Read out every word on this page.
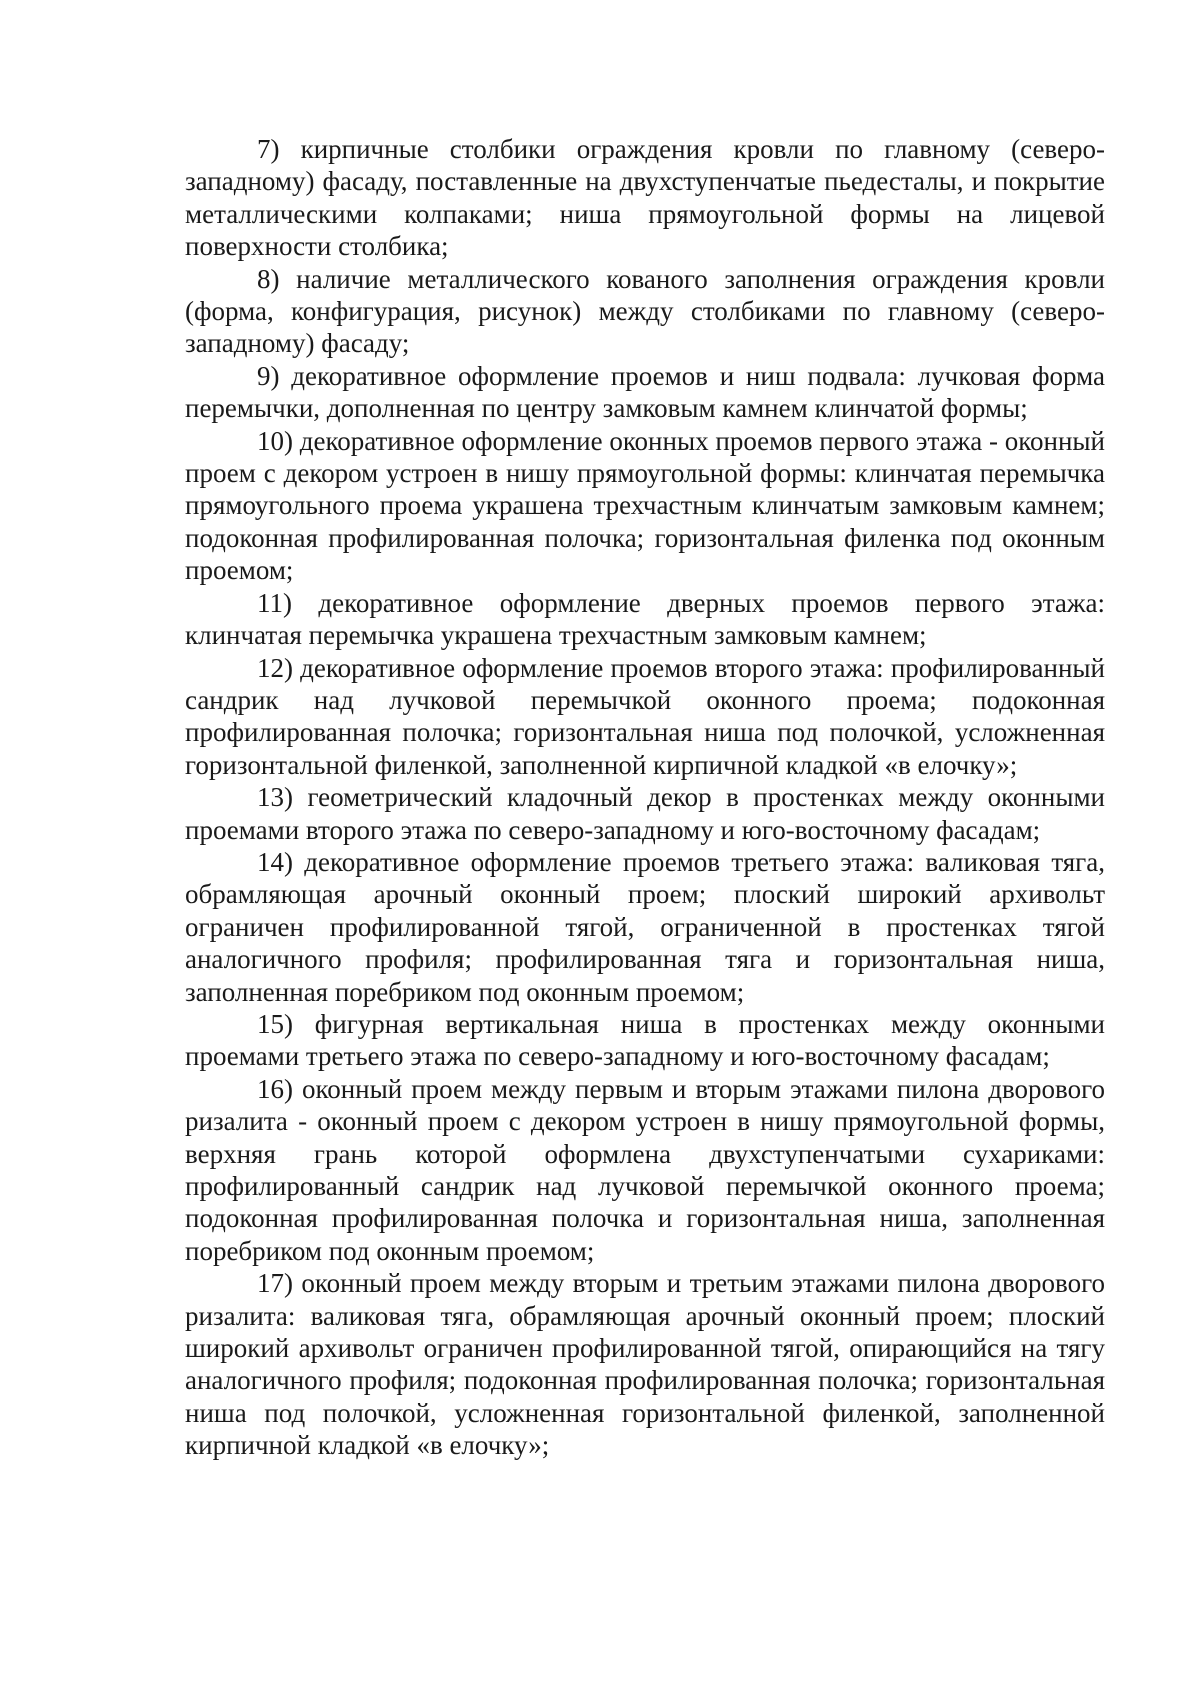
7) кирпичные столбики ограждения кровли по главному (северо-западному) фасаду, поставленные на двухступенчатые пьедесталы, и покрытие металлическими колпаками; ниша прямоугольной формы на лицевой поверхности столбика;

8) наличие металлического кованого заполнения ограждения кровли (форма, конфигурация, рисунок) между столбиками по главному (северо-западному) фасаду;

9) декоративное оформление проемов и ниш подвала: лучковая форма перемычки, дополненная по центру замковым камнем клинчатой формы;

10) декоративное оформление оконных проемов первого этажа - оконный проем с декором устроен в нишу прямоугольной формы: клинчатая перемычка прямоугольного проема украшена трехчастным клинчатым замковым камнем; подоконная профилированная полочка; горизонтальная филенка под оконным проемом;

11) декоративное оформление дверных проемов первого этажа: клинчатая перемычка украшена трехчастным замковым камнем;

12) декоративное оформление проемов второго этажа: профилированный сандрик над лучковой перемычкой оконного проема; подоконная профилированная полочка; горизонтальная ниша под полочкой, усложненная горизонтальной филенкой, заполненной кирпичной кладкой «в елочку»;

13) геометрический кладочный декор в простенках между оконными проемами второго этажа по северо-западному и юго-восточному фасадам;

14) декоративное оформление проемов третьего этажа: валиковая тяга, обрамляющая арочный оконный проем; плоский широкий архивольт ограничен профилированной тягой, ограниченной в простенках тягой аналогичного профиля; профилированная тяга и горизонтальная ниша, заполненная поребриком под оконным проемом;

15) фигурная вертикальная ниша в простенках между оконными проемами третьего этажа по северо-западному и юго-восточному фасадам;

16) оконный проем между первым и вторым этажами пилона дворового ризалита - оконный проем с декором устроен в нишу прямоугольной формы, верхняя грань которой оформлена двухступенчатыми сухариками: профилированный сандрик над лучковой перемычкой оконного проема; подоконная профилированная полочка и горизонтальная ниша, заполненная поребриком под оконным проемом;

17) оконный проем между вторым и третьим этажами пилона дворового ризалита: валиковая тяга, обрамляющая арочный оконный проем; плоский широкий архивольт ограничен профилированной тягой, опирающийся на тягу аналогичного профиля; подоконная профилированная полочка; горизонтальная ниша под полочкой, усложненная горизонтальной филенкой, заполненной кирпичной кладкой «в елочку»;
